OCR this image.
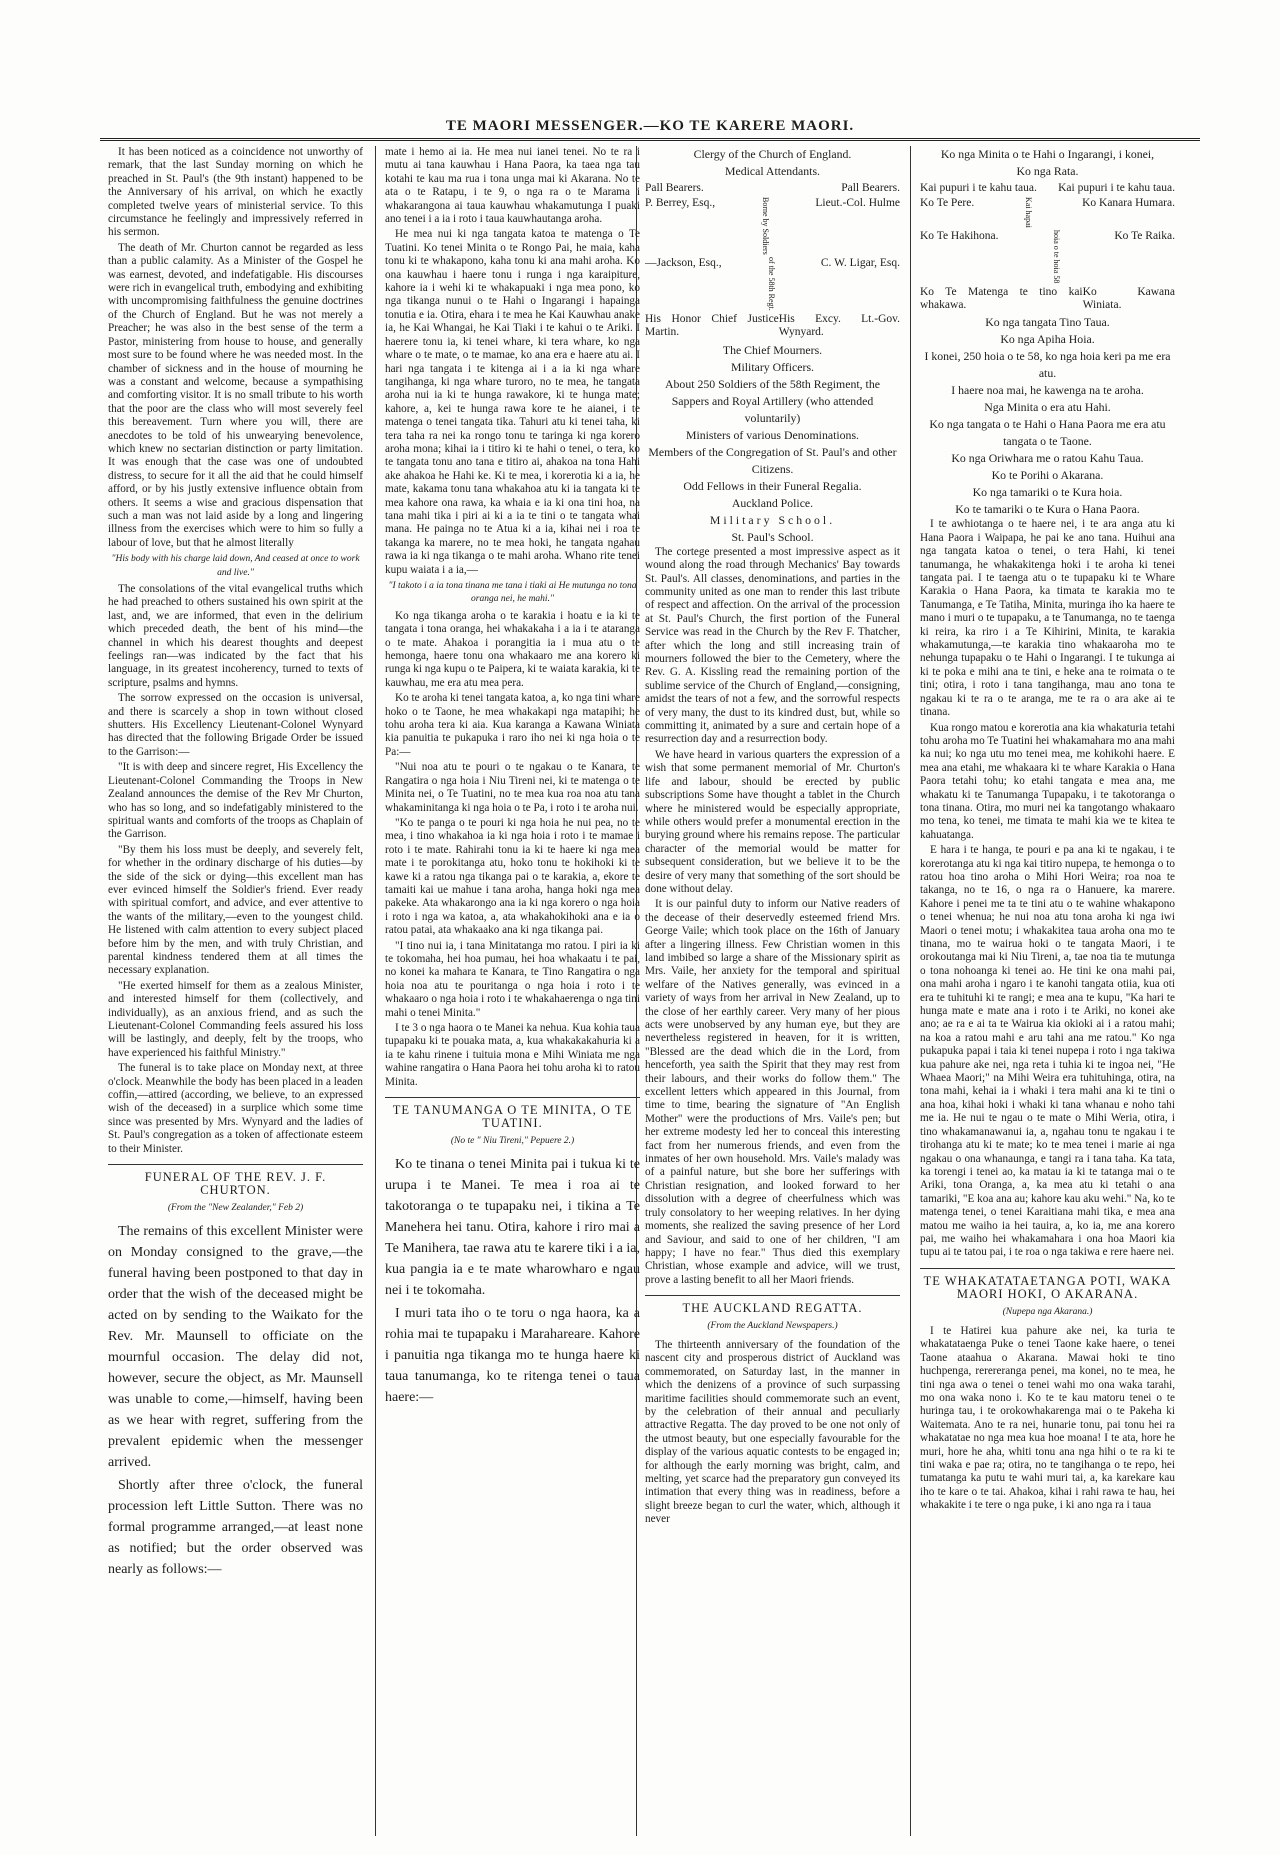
TE MAORI MESSENGER.—KO TE KARERE MAORI.

It has been noticed as a coincidence not unworthy of remark, that the last Sunday morning on which he preached in St. Paul's (the 9th instant) happened to be the Anniversary of his arrival, on which he exactly completed twelve years of ministerial service. To this circumstance he feelingly and impressively referred in his sermon.

The death of Mr. Churton cannot be regarded as less than a public calamity. As a Minister of the Gospel he was earnest, devoted, and indefatigable. His discourses were rich in evangelical truth, embodying and exhibiting with uncompromising faithfulness the genuine doctrines of the Church of England. But he was not merely a Preacher; he was also in the best sense of the term a Pastor, ministering from house to house, and generally most sure to be found where he was needed most. In the chamber of sickness and in the house of mourning he was a constant and welcome, because a sympathising and comforting visitor. It is no small tribute to his worth that the poor are the class who will most severely feel this bereavement. Turn where you will, there are anecdotes to be told of his unwearying benevolence, which knew no sectarian distinction or party limitation. It was enough that the case was one of undoubted distress, to secure for it all the aid that he could himself afford, or by his justly extensive influence obtain from others. It seems a wise and gracious dispensation that such a man was not laid aside by a long and lingering illness from the exercises which were to him so fully a labour of love, but that he almost literally

"His body with his charge laid down, And ceased at once to work and live."

The consolations of the vital evangelical truths which he had preached to others sustained his own spirit at the last, and, we are informed, that even in the delirium which preceded death, the bent of his mind—the channel in which his dearest thoughts and deepest feelings ran—was indicated by the fact that his language, in its greatest incoherency, turned to texts of scripture, psalms and hymns.

The sorrow expressed on the occasion is universal, and there is scarcely a shop in town without closed shutters. His Excellency Lieutenant-Colonel Wynyard has directed that the following Brigade Order be issued to the Garrison:—

"It is with deep and sincere regret, His Excellency the Lieutenant-Colonel Commanding the Troops in New Zealand announces the demise of the Rev Mr Churton, who has so long, and so indefatigably ministered to the spiritual wants and comforts of the troops as Chaplain of the Garrison.

"By them his loss must be deeply, and severely felt, for whether in the ordinary discharge of his duties—by the side of the sick or dying—this excellent man has ever evinced himself the Soldier's friend. Ever ready with spiritual comfort, and advice, and ever attentive to the wants of the military,—even to the youngest child. He listened with calm attention to every subject placed before him by the men, and with truly Christian, and parental kindness tendered them at all times the necessary explanation.

"He exerted himself for them as a zealous Minister, and interested himself for them (collectively, and individually), as an anxious friend, and as such the Lieutenant-Colonel Commanding feels assured his loss will be lastingly, and deeply, felt by the troops, who have experienced his faithful Ministry."

The funeral is to take place on Monday next, at three o'clock. Meanwhile the body has been placed in a leaden coffin,—attired (according, we believe, to an expressed wish of the deceased) in a surplice which some time since was presented by Mrs. Wynyard and the ladies of St. Paul's congregation as a token of affectionate esteem to their Minister.

FUNERAL OF THE REV. J. F. CHURTON.
(From the "New Zealander," Feb 2)

The remains of this excellent Minister were on Monday consigned to the grave,—the funeral having been postponed to that day in order that the wish of the deceased might be acted on by sending to the Waikato for the Rev. Mr. Maunsell to officiate on the mournful occasion. The delay did not, however, secure the object, as Mr. Maunsell was unable to come,—himself, having been as we hear with regret, suffering from the prevalent epidemic when the messenger arrived.

Shortly after three o'clock, the funeral procession left Little Sutton. There was no formal programme arranged,—at least none as notified; but the order observed was nearly as follows:—

mate i hemo ai ia. He mea nui ianei tenei. No te ra i mutu ai tana kauwhau i Hana Paora, ka taea nga tau kotahi te kau ma rua i tona unga mai ki Akarana. No te ata o te Ratapu, i te 9, o nga ra o te Marama i whakarangona ai taua kauwhau whakamutunga I puaki ano tenei i a ia i roto i taua kauwhautanga aroha.

He mea nui ki nga tangata katoa te matenga o Te Tuatini. Ko tenei Minita o te Rongo Pai, he maia, kaha tonu ki te whakapono, kaha tonu ki ana mahi aroha. Ko ona kauwhau i haere tonu i runga i nga karaipiture, kahore ia i wehi ki te whakapuaki i nga mea pono, ko nga tikanga nunui o te Hahi o Ingarangi i hapainga tonutia e ia. Otira, ehara i te mea he Kai Kauwhau anake ia, he Kai Whangai, he Kai Tiaki i te kahui o te Ariki. I haerere tonu ia, ki tenei whare, ki tera whare, ko nga whare o te mate, o te mamae, ko ana era e haere atu ai. I hari nga tangata i te kitenga ai i a ia ki nga whare tangihanga, ki nga whare turoro, no te mea, he tangata aroha nui ia ki te hunga rawakore, ki te hunga mate; kahore, a, kei te hunga rawa kore te he aianei, i te matenga o tenei tangata tika. Tahuri atu ki tenei taha, ki tera taha ra nei ka rongo tonu te taringa ki nga korero aroha mona; kihai ia i titiro ki te hahi o tenei, o tera, ko te tangata tonu ano tana e titiro ai, ahakoa na tona Hahi ake ahakoa he Hahi ke. Ki te mea, i korerotia ki a ia, he mate, kakama tonu tana whakahoa atu ki ia tangata ki te mea kahore ona rawa, ka whaia e ia ki ona tini hoa, na tana mahi tika i piri ai ki a ia te tini o te tangata whai mana. He painga no te Atua ki a ia, kihai nei i roa te takanga ka marere, no te mea hoki, he tangata ngahau rawa ia ki nga tikanga o te mahi aroha. Whano rite tenei kupu waiata i a ia,—

"I takoto i a ia tona tinana me tana i tiaki ai He mutunga no tona oranga nei, he mahi."

Ko nga tikanga aroha o te karakia i hoatu e ia ki te tangata i tona oranga, hei whakakaha i a ia i te ataranga o te mate. Ahakoa i porangitia ia i mua atu o te hemonga, haere tonu ona whakaaro me ana korero ki runga ki nga kupu o te Paipera, ki te waiata karakia, ki te kauwhau, me era atu mea pera.

Ko te aroha ki tenei tangata katoa, a, ko nga tini whare hoko o te Taone, he mea whakakapi nga matapihi; he tohu aroha tera ki aia. Kua karanga a Kawana Winiata kia panuitia te pukapuka i raro iho nei ki nga hoia o te Pa:—

"Nui noa atu te pouri o te ngakau o te Kanara, te Rangatira o nga hoia i Niu Tireni nei, ki te matenga o te Minita nei, o Te Tuatini, no te mea kua roa noa atu tana whakaminitanga ki nga hoia o te Pa, i roto i te aroha nui.

"Ko te panga o te pouri ki nga hoia he nui pea, no te mea, i tino whakahoa ia ki nga hoia i roto i te mamae i roto i te mate. Rahirahi tonu ia ki te haere ki nga mea mate i te porokitanga atu, hoko tonu te hokihoki ki te kawe ki a ratou nga tikanga pai o te karakia, a, ekore te tamaiti kai ue mahue i tana aroha, hanga hoki nga mea pakeke. Ata whakarongo ana ia ki nga korero o nga hoia i roto i nga wa katoa, a, ata whakahokihoki ana e ia o ratou patai, ata whakaako ana ki nga tikanga pai.

"I tino nui ia, i tana Minitatanga mo ratou. I piri ia ki te tokomaha, hei hoa pumau, hei hoa whakaatu i te pai, no konei ka mahara te Kanara, te Tino Rangatira o nga hoia noa atu te pouritanga o nga hoia i roto i te whakaaro o nga hoia i roto i te whakahaerenga o nga tini mahi o tenei Minita."

I te 3 o nga haora o te Manei ka nehua. Kua kohia taua tupapaku ki te pouaka mata, a, kua whakakakahuria ki a ia te kahu rinene i tuituia mona e Mihi Winiata me nga wahine rangatira o Hana Paora hei tohu aroha ki to ratou Minita.

TE TANUMANGA O TE MINITA, O TE TUATINI.
(No te " Niu Tireni," Pepuere 2.)

Ko te tinana o tenei Minita pai i tukua ki te urupa i te Manei. Te mea i roa ai te takotoranga o te tupapaku nei, i tikina a Te Manehera hei tanu. Otira, kahore i riro mai a Te Manihera, tae rawa atu te karere tiki i a ia, kua pangia ia e te mate wharowharo e ngau nei i te tokomaha.

I muri tata iho o te toru o nga haora, ka a rohia mai te tupapaku i Marahareare. Kahore i panuitia nga tikanga mo te hunga haere ki taua tanumanga, ko te ritenga tenei o taua haere:—

Clergy of the Church of England.
Medical Attendants.
Pall Bearers.	Pall Bearers.
P. Berrey, Esq.,	Borne by Soldiers	Lieut.-Col. Hulme
—Jackson, Esq.,	of the 58th Regt.	C. W. Ligar, Esq.
His Honor Chief Justice Martin.
His Excy. Lt.-Gov. Wynyard.
The Chief Mourners.
Military Officers.
About 250 Soldiers of the 58th Regiment, the Sappers and Royal Artillery (who attended voluntarily)
Ministers of various Denominations.
Members of the Congregation of St. Paul's and other Citizens.
Odd Fellows in their Funeral Regalia.
Auckland Police.
Military School.
St. Paul's School.

The cortege presented a most impressive aspect as it wound along the road through Mechanics' Bay towards St. Paul's. All classes, denominations, and parties in the community united as one man to render this last tribute of respect and affection. On the arrival of the procession at St. Paul's Church, the first portion of the Funeral Service was read in the Church by the Rev F. Thatcher, after which the long and still increasing train of mourners followed the bier to the Cemetery, where the Rev. G. A. Kissling read the remaining portion of the sublime service of the Church of England,—consigning, amidst the tears of not a few, and the sorrowful respects of very many, the dust to its kindred dust, but, while so committing it, animated by a sure and certain hope of a resurrection day and a resurrection body.

We have heard in various quarters the expression of a wish that some permanent memorial of Mr. Churton's life and labour, should be erected by public subscriptions Some have thought a tablet in the Church where he ministered would be especially appropriate, while others would prefer a monumental erection in the burying ground where his remains repose. The particular character of the memorial would be matter for subsequent consideration, but we believe it to be the desire of very many that something of the sort should be done without delay.

It is our painful duty to inform our Native readers of the decease of their deservedly esteemed friend Mrs. George Vaile; which took place on the 16th of January after a lingering illness. Few Christian women in this land imbibed so large a share of the Missionary spirit as Mrs. Vaile, her anxiety for the temporal and spiritual welfare of the Natives generally, was evinced in a variety of ways from her arrival in New Zealand, up to the close of her earthly career. Very many of her pious acts were unobserved by any human eye, but they are nevertheless registered in heaven, for it is written, "Blessed are the dead which die in the Lord, from henceforth, yea saith the Spirit that they may rest from their labours, and their works do follow them." The excellent letters which appeared in this Journal, from time to time, bearing the signature of "An English Mother" were the productions of Mrs. Vaile's pen; but her extreme modesty led her to conceal this interesting fact from her numerous friends, and even from the inmates of her own household. Mrs. Vaile's malady was of a painful nature, but she bore her sufferings with Christian resignation, and looked forward to her dissolution with a degree of cheerfulness which was truly consolatory to her weeping relatives. In her dying moments, she realized the saving presence of her Lord and Saviour, and said to one of her children, "I am happy; I have no fear." Thus died this exemplary Christian, whose example and advice, will we trust, prove a lasting benefit to all her Maori friends.

THE AUCKLAND REGATTA.
(From the Auckland Newspapers.)

The thirteenth anniversary of the foundation of the nascent city and prosperous district of Auckland was commemorated, on Saturday last, in the manner in which the denizens of a province of such surpassing maritime facilities should commemorate such an event, by the celebration of their annual and peculiarly attractive Regatta. The day proved to be one not only of the utmost beauty, but one especially favourable for the display of the various aquatic contests to be engaged in; for although the early morning was bright, calm, and melting, yet scarce had the preparatory gun conveyed its intimation that every thing was in readiness, before a slight breeze began to curl the water, which, although it never

Ko nga Minita o te Hahi o Ingarangi, i konei,
Ko nga Rata.
Kai pupuri i te kahu taua. Kai pupuri i te kahu taua.
Ko Te Pere.	Kai hapai	Ko Kanara Humara.
Ko Te Hakihona.	hoia o te hoia 58	Ko Te Raika.
Ko Te Matenga te tino kai whakawa.
Ko Kawana Winiata.
Ko nga tangata Tino Taua.
Ko nga Apiha Hoia.
I konei, 250 hoia o te 58, ko nga hoia keri pa me era atu.
I haere noa mai, he kawenga na te aroha.
Nga Minita o era atu Hahi.
Ko nga tangata o te Hahi o Hana Paora me era atu tangata o te Taone.
Ko nga Oriwhara me o ratou Kahu Taua.
Ko te Porihi o Akarana.
Ko nga tamariki o te Kura hoia.
Ko te tamariki o te Kura o Hana Paora.

I te awhiotanga o te haere nei, i te ara anga atu ki Hana Paora i Waipapa, he pai ke ano tana. Huihui ana nga tangata katoa o tenei, o tera Hahi, ki tenei tanumanga, he whakakitenga hoki i te aroha ki tenei tangata pai. I te taenga atu o te tupapaku ki te Whare Karakia o Hana Paora, ka timata te karakia mo te Tanumanga, e Te Tatiha, Minita, muringa iho ka haere te mano i muri o te tupapaku, a te Tanumanga, no te taenga ki reira, ka riro i a Te Kihirini, Minita, te karakia whakamutunga,—te karakia tino whakaaroha mo te nehunga tupapaku o te Hahi o Ingarangi. I te tukunga ai ki te poka e mihi ana te tini, e heke ana te roimata o te tini; otira, i roto i tana tangihanga, mau ano tona te ngakau ki te ra o te aranga, me te ra o ara ake ai te tinana.

Kua rongo matou e korerotia ana kia whakaturia tetahi tohu aroha mo Te Tuatini hei whakamahara mo ana mahi ka nui; ko nga utu mo tenei mea, me kohikohi haere. E mea ana etahi, me whakaara ki te whare Karakia o Hana Paora tetahi tohu; ko etahi tangata e mea ana, me whakatu ki te Tanumanga Tupapaku, i te takotoranga o tona tinana. Otira, mo muri nei ka tangotango whakaaro mo tena, ko tenei, me timata te mahi kia we te kitea te kahuatanga.

E hara i te hanga, te pouri e pa ana ki te ngakau, i te korerotanga atu ki nga kai titiro nupepa, te hemonga o to ratou hoa tino aroha o Mihi Hori Weira; roa noa te takanga, no te 16, o nga ra o Hanuere, ka marere. Kahore i penei me ta te tini atu o te wahine whakapono o tenei whenua; he nui noa atu tona aroha ki nga iwi Maori o tenei motu; i whakakitea taua aroha ona mo te tinana, mo te wairua hoki o te tangata Maori, i te orokoutanga mai ki Niu Tireni, a, tae noa tia te mutunga o tona nohoanga ki tenei ao. He tini ke ona mahi pai, ona mahi aroha i ngaro i te kanohi tangata otiia, kua oti era te tuhituhi ki te rangi; e mea ana te kupu, "Ka hari te hunga mate e mate ana i roto i te Ariki, no konei ake ano; ae ra e ai ta te Wairua kia okioki ai i a ratou mahi; na koa a ratou mahi e aru tahi ana me ratou." Ko nga pukapuka papai i taia ki tenei nupepa i roto i nga takiwa kua pahure ake nei, nga reta i tuhia ki te ingoa nei, "He Whaea Maori;" na Mihi Weira era tuhituhinga, otira, na tona mahi, kehai ia i whaki i tera mahi ana ki te tini o ana hoa, kihai hoki i whaki ki tana whanau e noho tahi me ia. He nui te ngau o te mate o Mihi Weria, otira, i tino whakamanawanui ia, a, ngahau tonu te ngakau i te tirohanga atu ki te mate; ko te mea tenei i marie ai nga ngakau o ona whanaunga, e tangi ra i tana taha. Ka tata, ka torengi i tenei ao, ka matau ia ki te tatanga mai o te Ariki, tona Oranga, a, ka mea atu ki tetahi o ana tamariki, "E koa ana au; kahore kau aku wehi." Na, ko te matenga tenei, o tenei Karaitiana mahi tika, e mea ana matou me waiho ia hei tauira, a, ko ia, me ana korero pai, me waiho hei whakamahara i ona hoa Maori kia tupu ai te tatou pai, i te roa o nga takiwa e rere haere nei.

TE WHAKATATAETANGA POTI, WAKA MAORI HOKI, O AKARANA.
(Nupepa nga Akarana.)

I te Hatirei kua pahure ake nei, ka turia te whakatataenga Puke o tenei Taone kake haere, o tenei Taone ataahua o Akarana. Mawai hoki te tino huchpenga, rerereranga penei, ma konei, no te mea, he tini nga awa o tenei o tenei wahi mo ona waka tarahi, mo ona waka nono i. Ko te te kau matoru tenei o te huringa tau, i te orokowhakarenga mai o te Pakeha ki Waitemata. Ano te ra nei, hunarie tonu, pai tonu hei ra whakatatae no nga mea kua hoe moana! I te ata, hore he muri, hore he aha, whiti tonu ana nga hihi o te ra ki te tini waka e pae ra; otira, no te tangihanga o te repo, hei tumatanga ka putu te wahi muri tai, a, ka karekare kau iho te kare o te tai. Ahakoa, kihai i rahi rawa te hau, hei whakakite i te tere o nga puke, i ki ano nga ra i taua
